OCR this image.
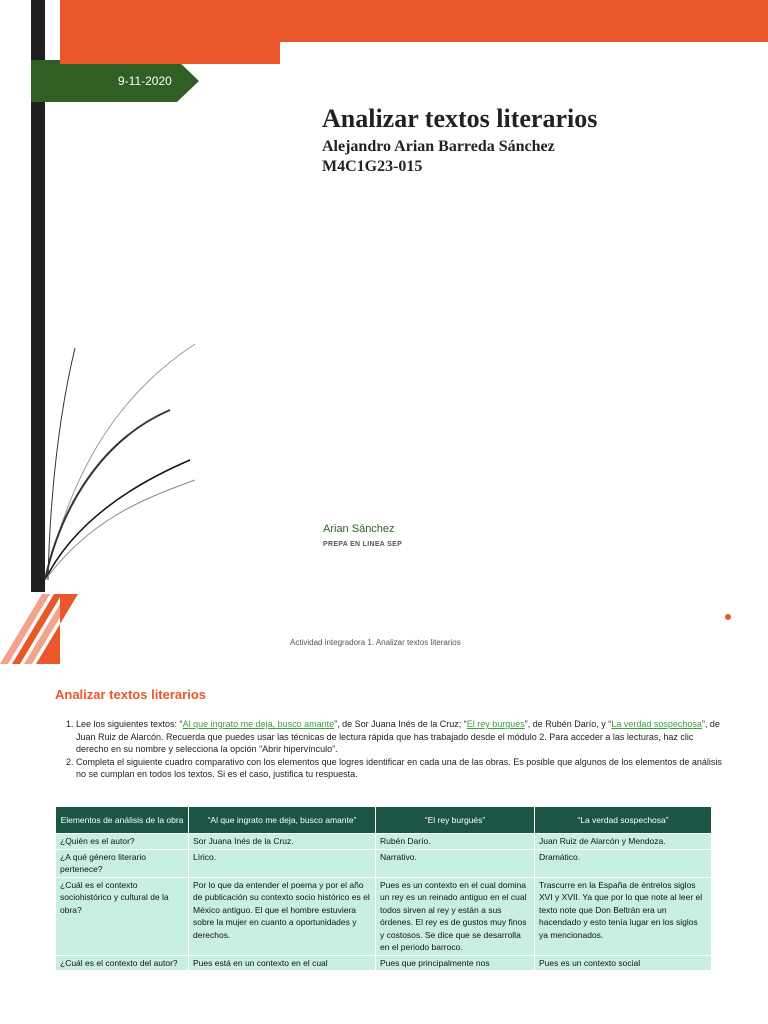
9-11-2020
Analizar textos literarios
Alejandro Arian Barreda Sánchez
M4C1G23-015
Arian Sánchez
PREPA EN LINEA SEP
Módulo 4	Semana 1
Unidad I. Literatura: Arte y expresión comunicativa
Actividad integradora 1. Analizar textos literarios
Analizar textos literarios
1. Lee los siguientes textos: “Al que ingrato me deja, busco amante”, de Sor Juana Inés de la Cruz; “El rey burgués”, de Rubén Darío, y “La verdad sospechosa”, de Juan Ruiz de Alarcón. Recuerda que puedes usar las técnicas de lectura rápida que has trabajado desde el módulo 2. Para acceder a las lecturas, haz clic derecho en su nombre y selecciona la opción “Abrir hipervínculo”.
2. Completa el siguiente cuadro comparativo con los elementos que logres identificar en cada una de las obras. Es posible que algunos de los elementos de análisis no se cumplan en todos los textos. Si es el caso, justifica tu respuesta.
Elementos de análisis de la obra	“Al que ingrato me deja, busco amante”	“El rey burgués”	“La verdad sospechosa”
¿Quién es el autor?	Sor Juana Inés de la Cruz.	Rubén Darío.	Juan Ruiz de Alarcón y Mendoza.
¿A qué género literario pertenece?	Lírico.	Narrativo.	Dramático.
¿Cuál es el contexto sociohistórico y cultural de la obra?	Por lo que da entender el poema y por el año de publicación su contexto socio histórico es el México antiguo. El que el hombre estuviera sobre la mujer en cuanto a oportunidades y derechos.	Pues es un contexto en el cual domina un rey es un reinado antiguo en el cual todos sirven al rey y están a sus órdenes. El rey es de gustos muy finos y costosos. Se dice que se desarrolla en el periodo barroco.	Trascurre en la España de éntrelos siglos XVI y XVII. Ya que por lo que note al leer el texto note que Don Beltrán era un hacendado y esto tenía lugar en los siglos ya mencionados.
¿Cuál es el contexto del autor?	Pues está en un contexto en el cual	Pues que principalmente nos	Pues es un contexto social
